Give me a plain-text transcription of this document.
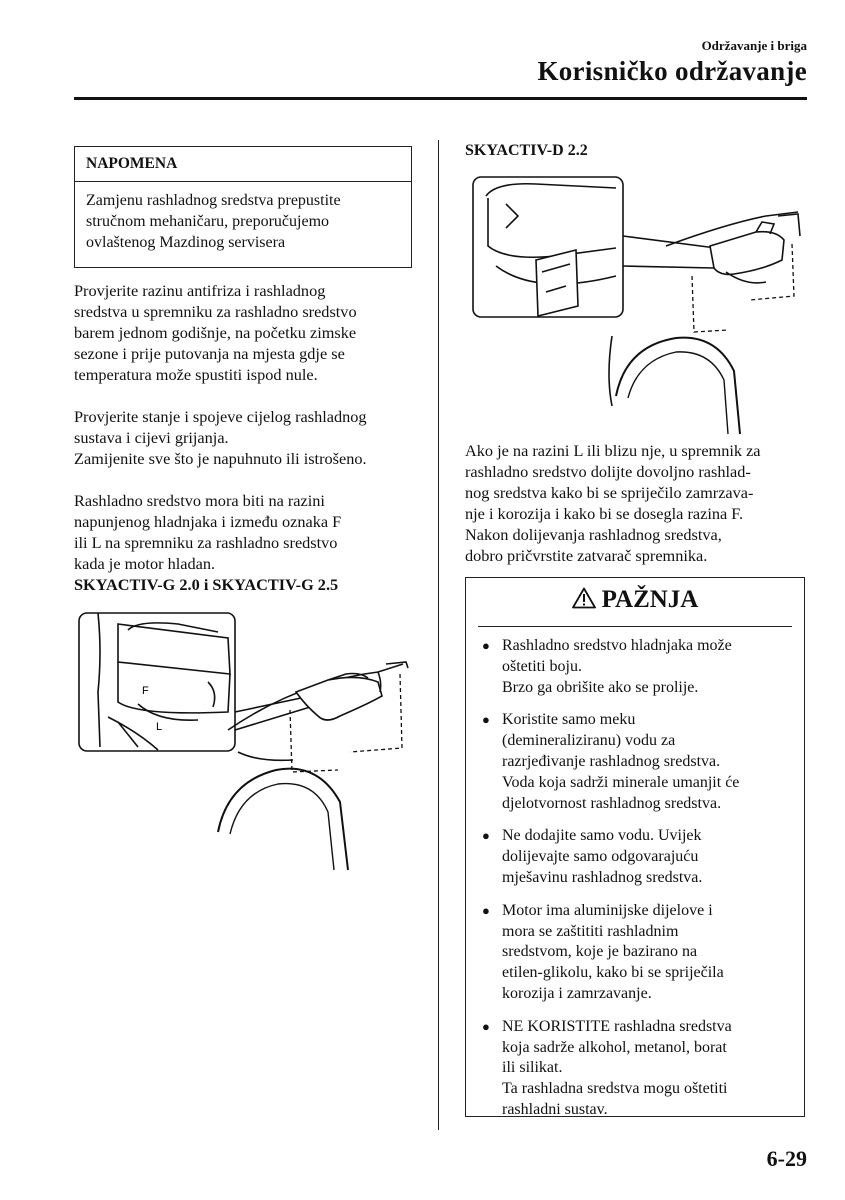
Održavanje i briga
Korisničko održavanje
NAPOMENA
Zamjenu rashladnog sredstva prepustite
stručnom mehaničaru, preporučujemo
ovlaštenog Mazdinog servisera
Provjerite razinu antifriza i rashladnog
sredstva u spremniku za rashladno sredstvo
barem jednom godišnje, na početku zimske
sezone i prije putovanja na mjesta gdje se
temperatura može spustiti ispod nule.
Provjerite stanje i spojeve cijelog rashladnog
sustava i cijevi grijanja.
Zamijenite sve što je napuhnuto ili istrošeno.
Rashladno sredstvo mora biti na razini
napunjenog hladnjaka i između oznaka F
ili L na spremniku za rashladno sredstvo
kada je motor hladan.
SKYACTIV-G 2.0 i SKYACTIV-G 2.5
F
L
SKYACTIV-D 2.2
Ako je na razini L ili blizu nje, u spremnik za
rashladno sredstvo dolijte dovoljno rashlad-
nog sredstva kako bi se spriječilo zamrzava-
nje i korozija i kako bi se dosegla razina F.
Nakon dolijevanja rashladnog sredstva,
dobro pričvrstite zatvarač spremnika.
PAŽNJA
● Rashladno sredstvo hladnjaka može
oštetiti boju.
Brzo ga obrišite ako se prolije.
● Koristite samo meku
(demineraliziranu) vodu za
razrjeđivanje rashladnog sredstva.
Voda koja sadrži minerale umanjit će
djelotvornost rashladnog sredstva.
● Ne dodajite samo vodu. Uvijek
dolijevajte samo odgovarajuću
mješavinu rashladnog sredstva.
● Motor ima aluminijske dijelove i
mora se zaštititi rashladnim
sredstvom, koje je bazirano na
etilen-glikolu, kako bi se spriječila
korozija i zamrzavanje.
● NE KORISTITE rashladna sredstva
koja sadrže alkohol, metanol, borat
ili silikat.
Ta rashladna sredstva mogu oštetiti
rashladni sustav.
6-29
